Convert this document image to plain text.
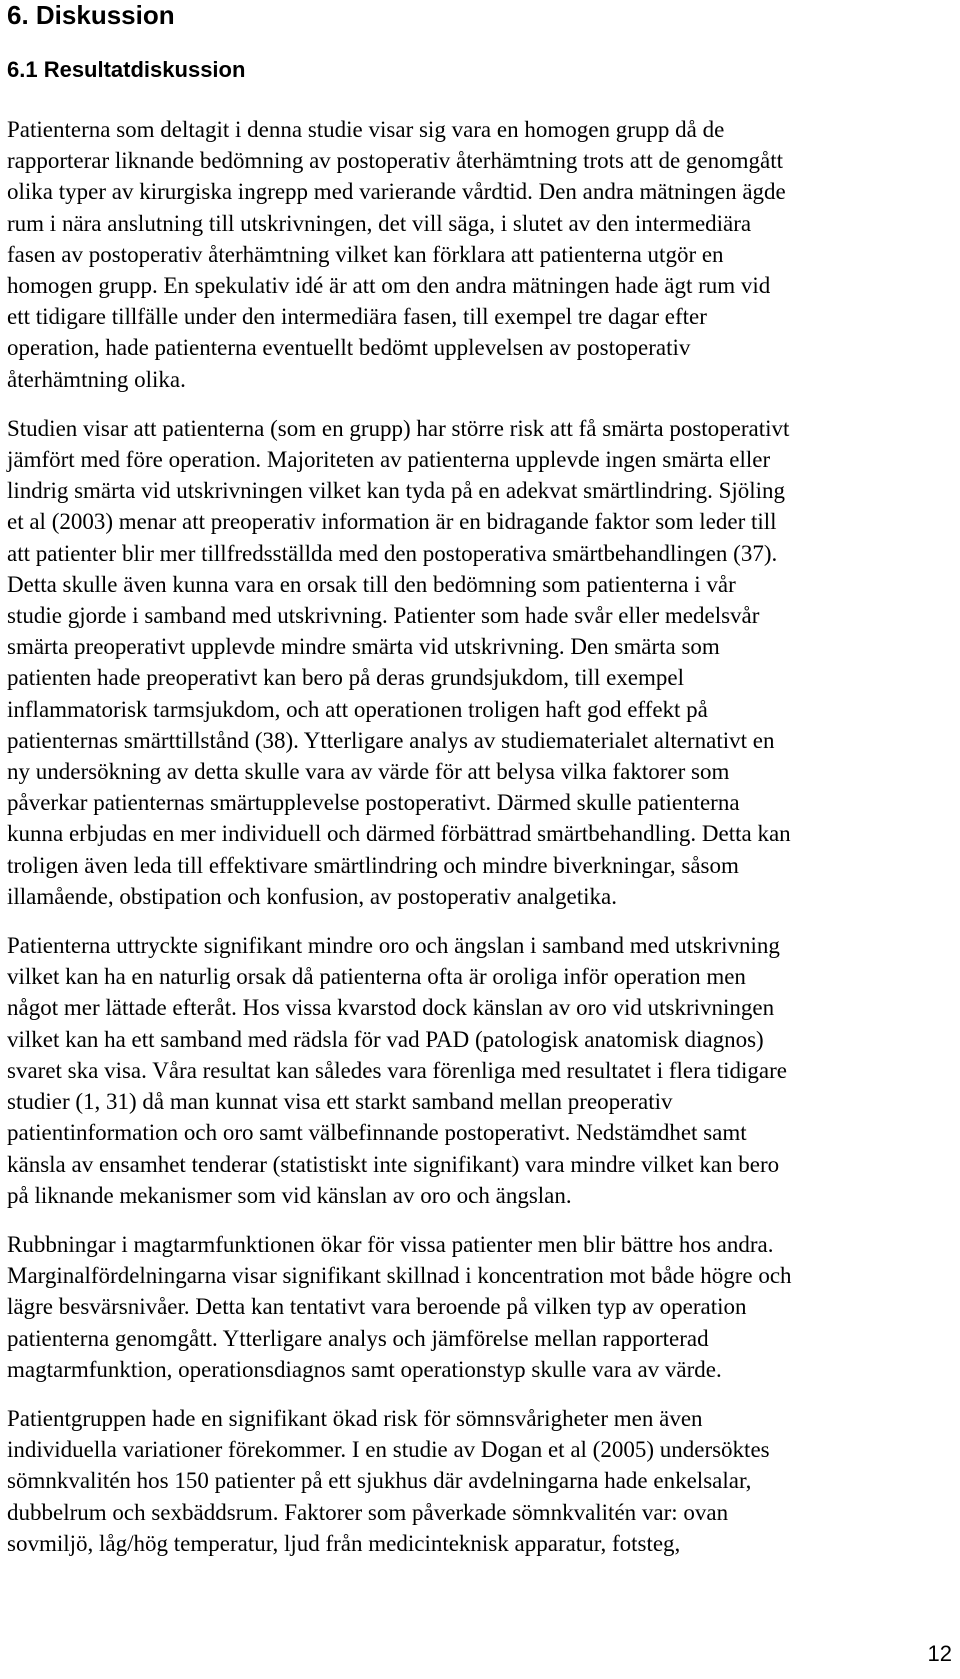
6. Diskussion
6.1 Resultatdiskussion

Patienterna som deltagit i denna studie visar sig vara en homogen grupp då de

rapporterar liknande bedömning av postoperativ återhämtning trots att de genomgått

olika typer av kirurgiska ingrepp med varierande vårdtid. Den andra mätningen ägde

rum i nära anslutning till utskrivningen, det vill säga, i slutet av den intermediära

fasen av postoperativ återhämtning vilket kan förklara att patienterna utgör en

homogen grupp. En spekulativ idé är att om den andra mätningen hade ägt rum vid

ett tidigare tillfälle under den intermediära fasen, till exempel tre dagar efter

operation, hade patienterna eventuellt bedömt upplevelsen av postoperativ

återhämtning olika.

Studien visar att patienterna (som en grupp) har större risk att få smärta postoperativt

jämfört med före operation. Majoriteten av patienterna upplevde ingen smärta eller

lindrig smärta vid utskrivningen vilket kan tyda på en adekvat smärtlindring. Sjöling

et al (2003) menar att preoperativ information är en bidragande faktor som leder till

att patienter blir mer tillfredsställda med den postoperativa smärtbehandlingen (37).

Detta skulle även kunna vara en orsak till den bedömning som patienterna i vår

studie gjorde i samband med utskrivning. Patienter som hade svår eller medelsvår

smärta preoperativt upplevde mindre smärta vid utskrivning. Den smärta som

patienten hade preoperativt kan bero på deras grundsjukdom, till exempel

inflammatorisk tarmsjukdom, och att operationen troligen haft god effekt på

patienternas smärttillstånd (38). Ytterligare analys av studiematerialet alternativt en

ny undersökning av detta skulle vara av värde för att belysa vilka faktorer som

påverkar patienternas smärtupplevelse postoperativt. Därmed skulle patienterna

kunna erbjudas en mer individuell och därmed förbättrad smärtbehandling. Detta kan

troligen även leda till effektivare smärtlindring och mindre biverkningar, såsom

illamående, obstipation och konfusion, av postoperativ analgetika.

Patienterna uttryckte signifikant mindre oro och ängslan i samband med utskrivning

vilket kan ha en naturlig orsak då patienterna ofta är oroliga inför operation men

något mer lättade efteråt. Hos vissa kvarstod dock känslan av oro vid utskrivningen

vilket kan ha ett samband med rädsla för vad PAD (patologisk anatomisk diagnos)

svaret ska visa. Våra resultat kan således vara förenliga med resultatet i flera tidigare

studier (1, 31) då man kunnat visa ett starkt samband mellan preoperativ

patientinformation och oro samt välbefinnande postoperativt. Nedstämdhet samt

känsla av ensamhet tenderar (statistiskt inte signifikant) vara mindre vilket kan bero

på liknande mekanismer som vid känslan av oro och ängslan.

Rubbningar i magtarmfunktionen ökar för vissa patienter men blir bättre hos andra.

Marginalfördelningarna visar signifikant skillnad i koncentration mot både högre och

lägre besvärsnivåer. Detta kan tentativt vara beroende på vilken typ av operation

patienterna genomgått. Ytterligare analys och jämförelse mellan rapporterad

magtarmfunktion, operationsdiagnos samt operationstyp skulle vara av värde.

Patientgruppen hade en signifikant ökad risk för sömnsvårigheter men även

individuella variationer förekommer. I en studie av Dogan et al (2005) undersöktes

sömnkvalitén hos 150 patienter på ett sjukhus där avdelningarna hade enkelsalar,

dubbelrum och sexbäddsrum. Faktorer som påverkade sömnkvalitén var: ovan

sovmiljö, låg/hög temperatur, ljud från medicinteknisk apparatur, fotsteg,

12
